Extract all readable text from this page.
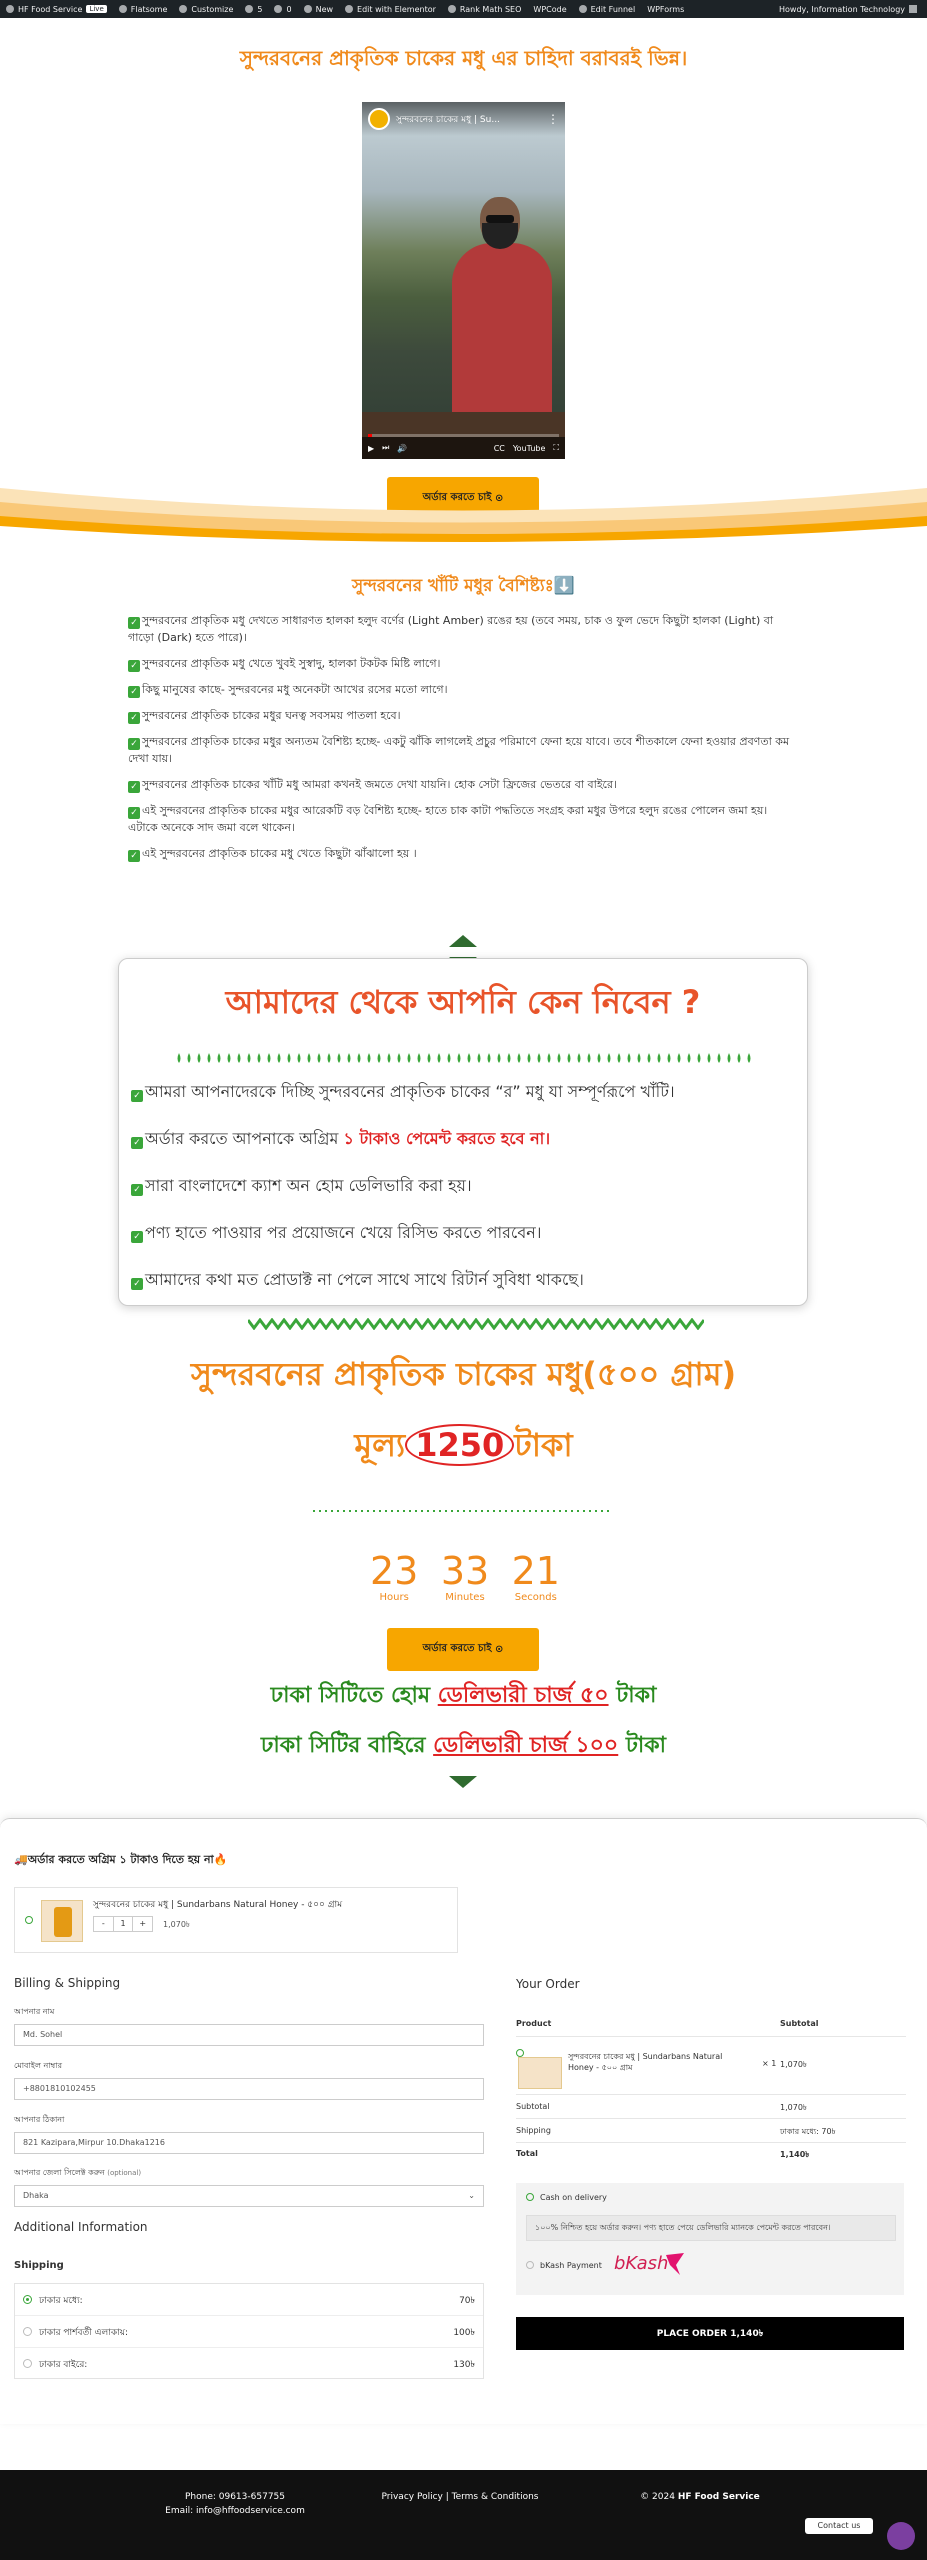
HF Food Service	Live	Flatsome	Customize	5	0	New	Edit with Elementor	Rank Math SEO WPCode	Edit Funnel WPForms	Howdy, Information Technology
সুন্দরবনের প্রাকৃতিক চাকের মধু এর চাহিদা বরাবরই ভিন্ন।
সুন্দরবনের চাকের মধু | Su...	⋮
▶ ⏭ 🔊	CC YouTube ⛶
অর্ডার করতে চাই
⊙
সুন্দরবনের খাঁটি মধুর বৈশিষ্ট্যঃ⬇️
✓ সুন্দরবনের প্রাকৃতিক মধু দেখতে সাধারণত হালকা হলুদ বর্ণের (Light Amber) রঙের হয় (তবে সময়, চাক ও ফুল ভেদে কিছুটা হালকা (Light) বা গাড়ো (Dark) হতে পারে)।
✓ সুন্দরবনের প্রাকৃতিক মধু খেতে খুবই সুস্বাদু, হালকা টকটক মিষ্টি লাগে।
✓ কিছু মানুষের কাছে- সুন্দরবনের মধু অনেকটা আখের রসের মতো লাগে।
✓ সুন্দরবনের প্রাকৃতিক চাকের মধুর ঘনত্ব সবসময় পাতলা হবে।
✓ সুন্দরবনের প্রাকৃতিক চাকের মধুর অন্যতম বৈশিষ্ট্য হচ্ছে- একটু ঝাঁকি লাগলেই প্রচুর পরিমাণে ফেনা হয়ে যাবে। তবে শীতকালে ফেনা হওয়ার প্রবণতা কম দেখা যায়।
✓ সুন্দরবনের প্রাকৃতিক চাকের খাঁটি মধু আমরা কখনই জমতে দেখা যায়নি। হোক সেটা ফ্রিজের ভেতরে বা বাইরে।
✓ এই সুন্দরবনের প্রাকৃতিক চাকের মধুর আরেকটি বড় বৈশিষ্ট্য হচ্ছে- হাতে চাক কাটা পদ্ধতিতে সংগ্রহ করা মধুর উপরে হলুদ রঙের পোলেন জমা হয়। এটাকে অনেকে সাদ জমা বলে থাকেন।
✓ এই সুন্দরবনের প্রাকৃতিক চাকের মধু খেতে কিছুটা ঝাঁঝালো হয় ।
আমাদের থেকে আপনি কেন নিবেন ?
✓ আমরা আপনাদেরকে দিচ্ছি সুন্দরবনের প্রাকৃতিক চাকের “র” মধু যা সম্পূর্ণরূপে খাঁটি।
✓ অর্ডার করতে আপনাকে অগ্রিম ১ টাকাও পেমেন্ট করতে হবে না।
✓ সারা বাংলাদেশে ক্যাশ অন হোম ডেলিভারি করা হয়।
✓ পণ্য হাতে পাওয়ার পর প্রয়োজনে খেয়ে রিসিভ করতে পারবেন।
✓ আমাদের কথা মত প্রোডাক্ট না পেলে সাথে সাথে রিটার্ন সুবিধা থাকছে।
সুন্দরবনের প্রাকৃতিক চাকের মধু(৫০০ গ্রাম)
মূল্য 1250 টাকা
23
Hours
33
Minutes
21
Seconds
অর্ডার করতে চাই
⊙
ঢাকা সিটিতে হোম ডেলিভারী চার্জ ৫০ টাকা
ঢাকা সিটির বাহিরে ডেলিভারী চার্জ ১০০ টাকা
🚚অর্ডার করতে অগ্রিম ১ টাকাও দিতে হয় না🔥
সুন্দরবনের চাকের মধু | Sundarbans Natural Honey - ৫০০ গ্রাম
-	1	+	1,070৳
Billing & Shipping
আপনার নাম
Md. Sohel
মোবাইল নাম্বার
+8801810102455
আপনার ঠিকানা
821 Kazipara,Mirpur 10.Dhaka1216
আপনার জেলা সিলেক্ট করুন (optional)
Dhaka	⌄
Additional Information
Shipping
ঢাকার মধ্যে:	70৳
ঢাকার পার্শবর্তী এলাকায়:	100৳
ঢাকার বাইরে:	130৳
Your Order
Product	Subtotal
সুন্দরবনের চাকের মধু | Sundarbans Natural Honey - ৫০০ গ্রাম	× 1 1,070৳
Subtotal	1,070৳
Shipping	ঢাকার মধ্যে: 70৳
Total	1,140৳
Cash on delivery
১০০% নিশ্চিত হয়ে অর্ডার করুন। পণ্য হাতে পেয়ে ডেলিভারি ম্যানকে পেমেন্ট করতে পারবেন।
bKash Payment bKash
PLACE ORDER 1,140৳
Phone: 09613-657755
Email: info@hffoodservice.com
Privacy Policy | Terms & Conditions	© 2024 HF Food Service
Contact us
